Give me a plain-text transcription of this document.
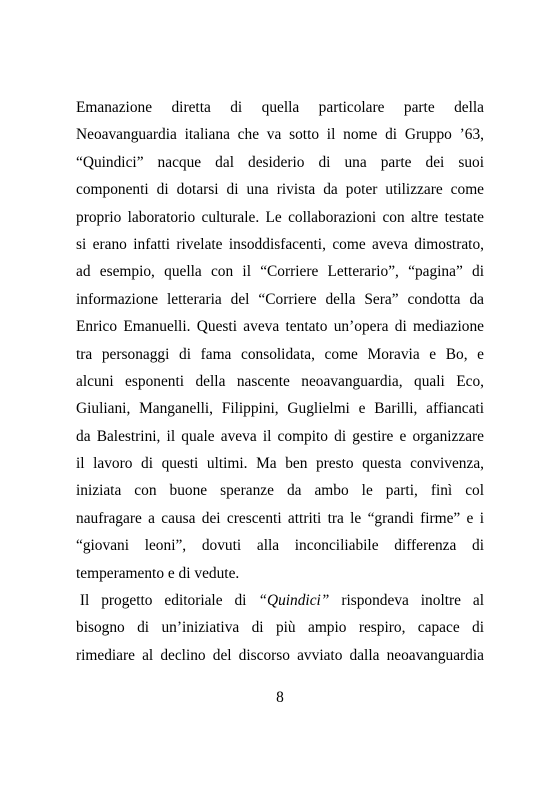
Emanazione diretta di quella particolare parte della
Neoavanguardia italiana che va sotto il nome di Gruppo ’63,
“Quindici” nacque dal desiderio di una parte dei suoi
componenti di dotarsi di una rivista da poter utilizzare come
proprio laboratorio culturale. Le collaborazioni con altre testate
si erano infatti rivelate insoddisfacenti, come aveva dimostrato,
ad esempio, quella con il “Corriere Letterario”, “pagina” di
informazione letteraria del “Corriere della Sera” condotta da
Enrico Emanuelli. Questi aveva tentato un’opera di mediazione
tra personaggi di fama consolidata, come Moravia e Bo, e
alcuni esponenti della nascente neoavanguardia, quali Eco,
Giuliani, Manganelli, Filippini, Guglielmi e Barilli, affiancati
da Balestrini, il quale aveva il compito di gestire e organizzare
il lavoro di questi ultimi. Ma ben presto questa convivenza,
iniziata con buone speranze da ambo le parti, finì col
naufragare a causa dei crescenti attriti tra le “grandi firme” e i
“giovani leoni”, dovuti alla inconciliabile differenza di
temperamento e di vedute.
Il progetto editoriale di “Quindici” rispondeva inoltre al
bisogno di un’iniziativa di più ampio respiro, capace di
rimediare al declino del discorso avviato dalla neoavanguardia
8
